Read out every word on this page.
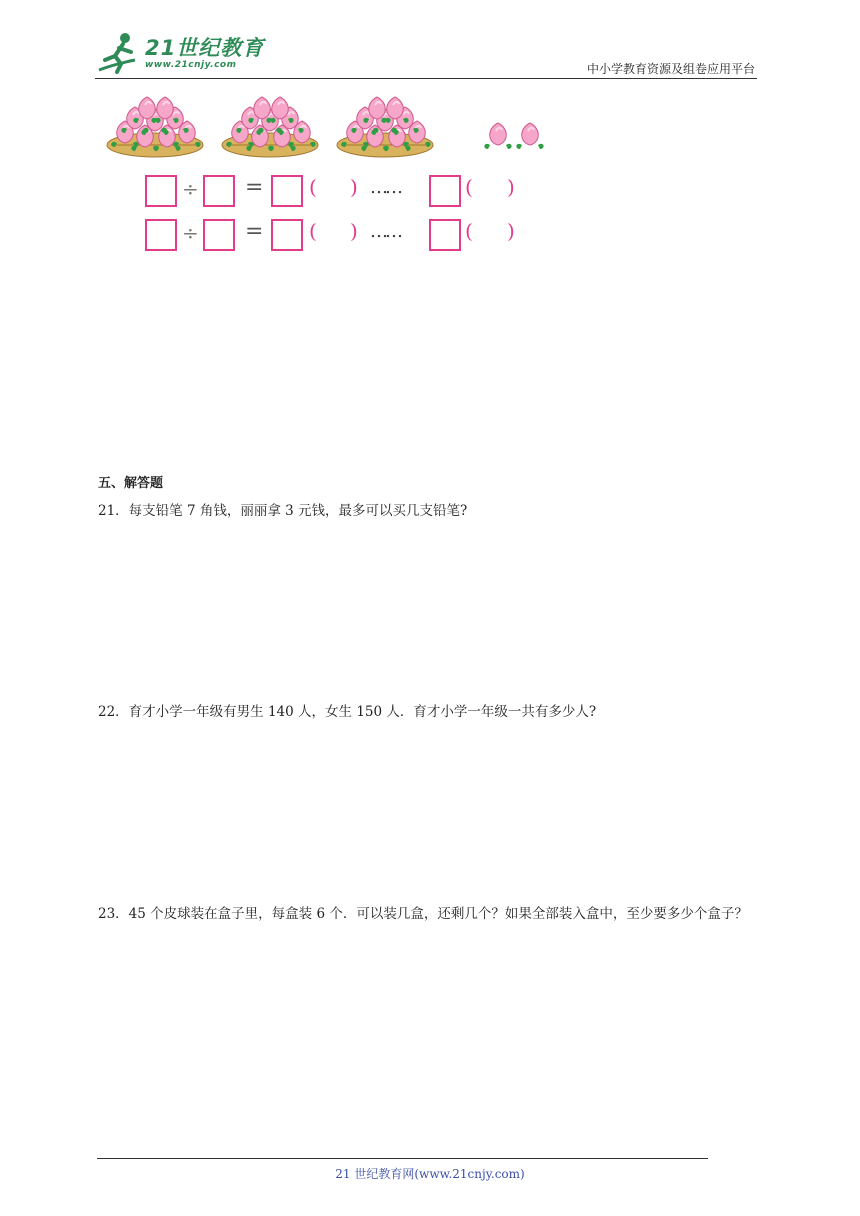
21世纪教育
www.21cnjy.com	中小学教育资源及组卷应用平台
÷ = ( ) ……	( )
÷ = ( ) ……	( )
五、解答题
21．每支铅笔 7 角钱，丽丽拿 3 元钱，最多可以买几支铅笔?
22．育才小学一年级有男生 140 人，女生 150 人．育才小学一年级一共有多少人?
23．45 个皮球装在盒子里，每盒装 6 个．可以装几盒，还剩几个？如果全部装入盒中，至少要多少个盒子？
21 世纪教育网(www.21cnjy.com)
